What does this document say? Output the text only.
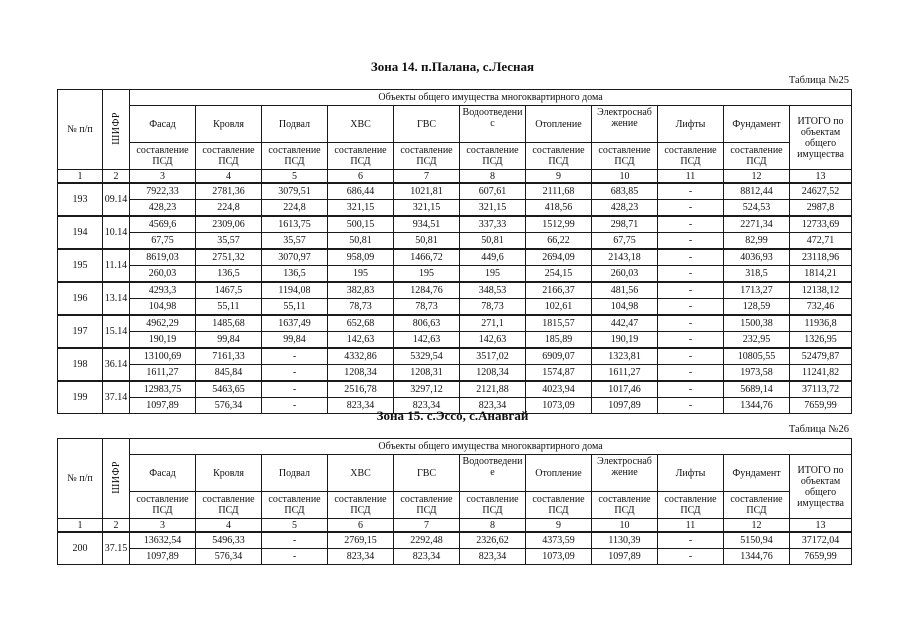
Зона 14. п.Палана, с.Лесная
Таблица №25
№ п/п	ШИФР	Объекты общего имущества многоквартирного дома										
		Фасад	Кровля	Подвал	ХВС	ГВС	Водоотведени с	Отопление	Электроснаб жение	Лифты	Фундамент	ИТОГО по объектам общего имущества
		составление ПСД	составление ПСД	составление ПСД	составление ПСД	составление ПСД	составление ПСД	составление ПСД	составление ПСД	составление ПСД	составление ПСД	
1	2	3	4	5	6	7	8	9	10	11	12	13
193	09.14	7922,33	2781,36	3079,51	686,44	1021,81	607,61	2111,68	683,85	-	8812,44	24627,52
		428,23	224,8	224,8	321,15	321,15	321,15	418,56	428,23	-	524,53	2987,8
194	10.14	4569,6	2309,06	1613,75	500,15	934,51	337,33	1512,99	298,71	-	2271,34	12733,69
		67,75	35,57	35,57	50,81	50,81	50,81	66,22	67,75	-	82,99	472,71
195	11.14	8619,03	2751,32	3070,97	958,09	1466,72	449,6	2694,09	2143,18	-	4036,93	23118,96
		260,03	136,5	136,5	195	195	195	254,15	260,03	-	318,5	1814,21
196	13.14	4293,3	1467,5	1194,08	382,83	1284,76	348,53	2166,37	481,56	-	1713,27	12138,12
		104,98	55,11	55,11	78,73	78,73	78,73	102,61	104,98	-	128,59	732,46
197	15.14	4962,29	1485,68	1637,49	652,68	806,63	271,1	1815,57	442,47	-	1500,38	11936,8
		190,19	99,84	99,84	142,63	142,63	142,63	185,89	190,19	-	232,95	1326,95
198	36.14	13100,69	7161,33	-	4332,86	5329,54	3517,02	6909,07	1323,81	-	10805,55	52479,87
		1611,27	845,84	-	1208,34	1208,31	1208,34	1574,87	1611,27	-	1973,58	11241,82
199	37.14	12983,75	5463,65	-	2516,78	3297,12	2121,88	4023,94	1017,46	-	5689,14	37113,72
		1097,89	576,34	-	823,34	823,34	823,34	1073,09	1097,89	-	1344,76	7659,99
Зона 15. с.Эссо, с.Анавгай
Таблица №26
№ п/п	ШИФР	Объекты общего имущества многоквартирного дома										
		Фасад	Кровля	Подвал	ХВС	ГВС	Водоотведени е	Отопление	Электроснаб жение	Лифты	Фундамент	ИТОГО по объектам общего имущества
		составление ПСД	составление ПСД	составление ПСД	составление ПСД	составление ПСД	составление ПСД	составление ПСД	составление ПСД	составление ПСД	составление ПСД	
1	2	3	4	5	6	7	8	9	10	11	12	13
200	37.15	13632,54	5496,33	-	2769,15	2292,48	2326,62	4373,59	1130,39	-	5150,94	37172,04
		1097,89	576,34	-	823,34	823,34	823,34	1073,09	1097,89	-	1344,76	7659,99
